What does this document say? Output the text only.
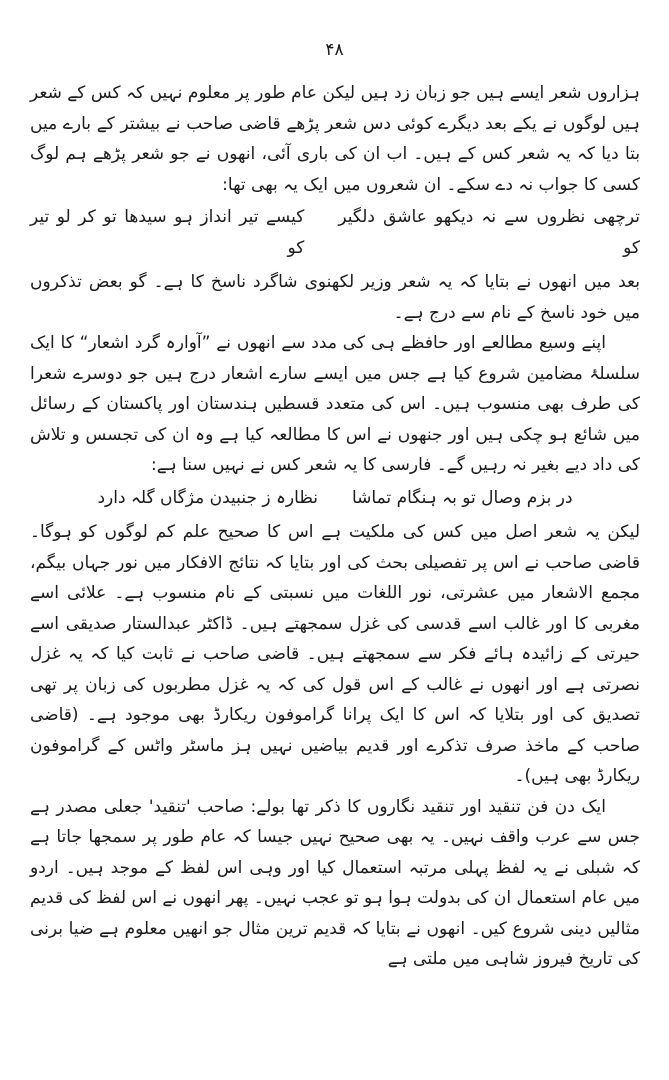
۴۸

ہزاروں شعر ایسے ہیں جو زبان زد ہیں لیکن عام طور پر معلوم نہیں کہ کس کے شعر ہیں لوگوں نے یکے بعد دیگرے کوئی دس شعر پڑھے قاضی صاحب نے بیشتر کے بارے میں بتا دیا کہ یہ شعر کس کے ہیں۔ اب ان کی باری آئی، انھوں نے جو شعر پڑھے ہم لوگ کسی کا جواب نہ دے سکے۔ ان شعروں میں ایک یہ بھی تھا:

ترچھی نظروں سے نہ دیکھو عاشق دلگیر کو
کیسے تیر انداز ہو سیدھا تو کر لو تیر کو

بعد میں انھوں نے بتایا کہ یہ شعر وزیر لکھنوی شاگرد ناسخ کا ہے۔ گو بعض تذکروں میں خود ناسخ کے نام سے درج ہے۔

اپنے وسیع مطالعے اور حافظے ہی کی مدد سے انھوں نے ”آوارہ گرد اشعار“ کا ایک سلسلۂ مضامین شروع کیا ہے جس میں ایسے سارے اشعار درج ہیں جو دوسرے شعرا کی طرف بھی منسوب ہیں۔ اس کی متعدد قسطیں ہندستان اور پاکستان کے رسائل میں شائع ہو چکی ہیں اور جنھوں نے اس کا مطالعہ کیا ہے وہ ان کی تجسس و تلاش کی داد دیے بغیر نہ رہیں گے۔ فارسی کا یہ شعر کس نے نہیں سنا ہے:

در بزم وصال تو بہ ہنگام تماشا
نظارہ ز جنبیدن مژگاں گلہ دارد

لیکن یہ شعر اصل میں کس کی ملکیت ہے اس کا صحیح علم کم لوگوں کو ہوگا۔ قاضی صاحب نے اس پر تفصیلی بحث کی اور بتایا کہ نتائج الافکار میں نور جہاں بیگم، مجمع الاشعار میں عشرتی، نور اللغات میں نسبتی کے نام منسوب ہے۔ علائی اسے مغربی کا اور غالب اسے قدسی کی غزل سمجھتے ہیں۔ ڈاکٹر عبدالستار صدیقی اسے حیرتی کے زائیدہ ہائے فکر سے سمجھتے ہیں۔ قاضی صاحب نے ثابت کیا کہ یہ غزل نصرتی ہے اور انھوں نے غالب کے اس قول کی کہ یہ غزل مطربوں کی زبان پر تھی تصدیق کی اور بتلایا کہ اس کا ایک پرانا گراموفون ریکارڈ بھی موجود ہے۔ (قاضی صاحب کے ماخذ صرف تذکرے اور قدیم بیاضیں نہیں ہز ماسٹر واٹس کے گراموفون ریکارڈ بھی ہیں)۔

ایک دن فن تنقید اور تنقید نگاروں کا ذکر تھا بولے: صاحب 'تنقید' جعلی مصدر ہے جس سے عرب واقف نہیں۔ یہ بھی صحیح نہیں جیسا کہ عام طور پر سمجھا جاتا ہے کہ شبلی نے یہ لفظ پہلی مرتبہ استعمال کیا اور وہی اس لفظ کے موجد ہیں۔ اردو میں عام استعمال ان کی بدولت ہوا ہو تو عجب نہیں۔ پھر انھوں نے اس لفظ کی قدیم مثالیں دینی شروع کیں۔ انھوں نے بتایا کہ قدیم ترین مثال جو انھیں معلوم ہے ضیا برنی کی تاریخ فیروز شاہی میں ملتی ہے
